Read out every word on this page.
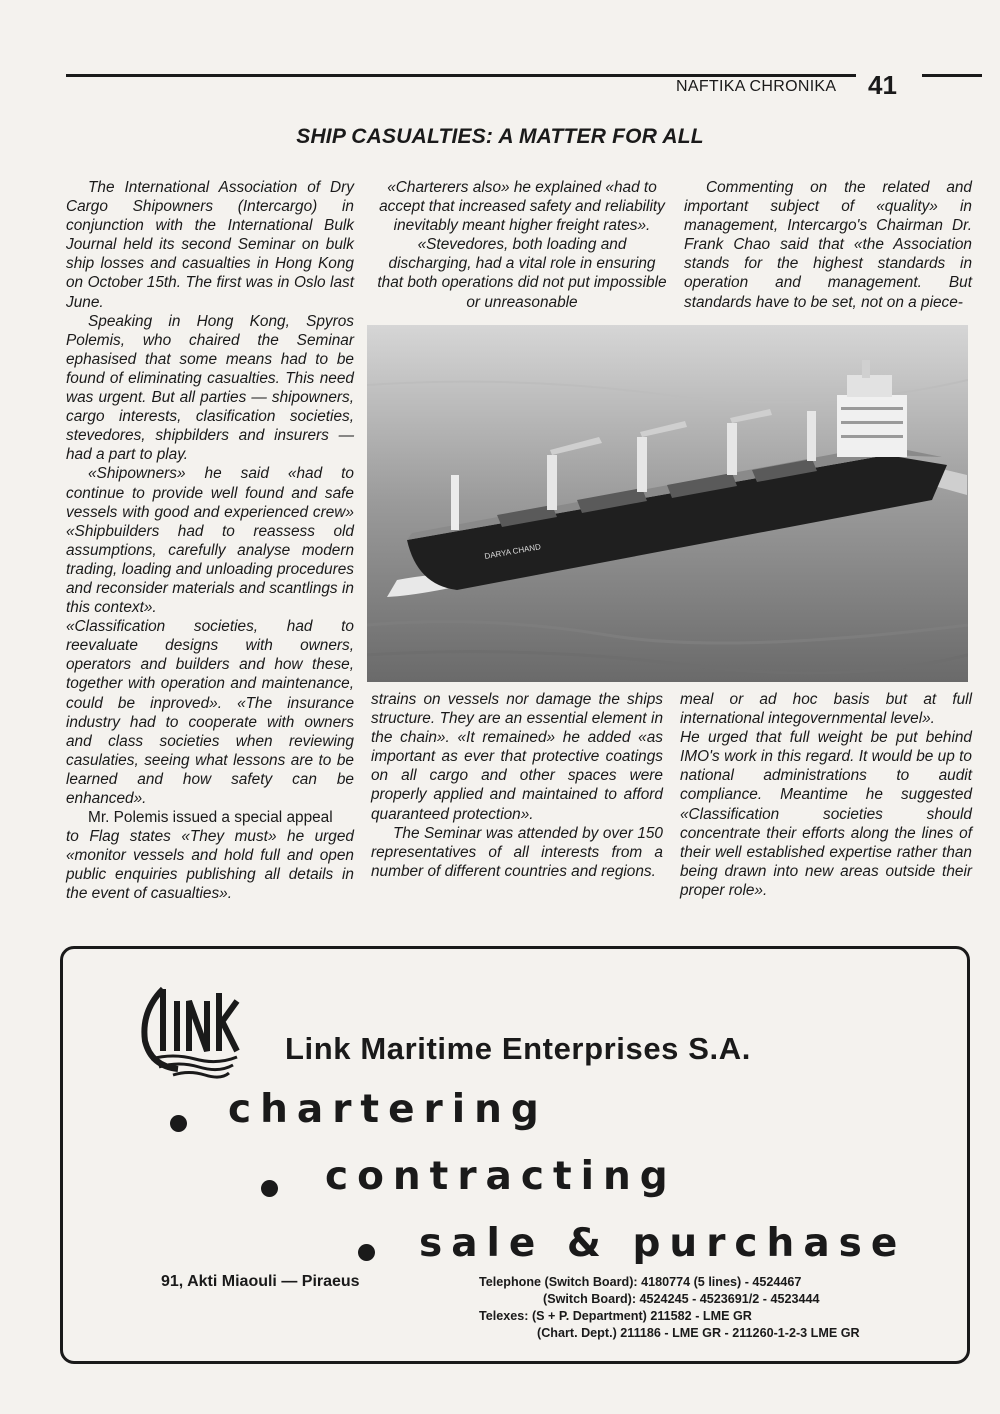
NAFTIKA CHRONIKA 41
SHIP CASUALTIES: A MATTER FOR ALL

The International Association of Dry Cargo Shipowners (Intercargo) in conjunction with the International Bulk Journal held its second Seminar on bulk ship losses and casualties in Hong Kong on October 15th. The first was in Oslo last June.

Speaking in Hong Kong, Spyros Polemis, who chaired the Seminar ephasised that some means had to be found of eliminating casualties. This need was urgent. But all parties — shipowners, cargo interests, clasification societies, stevedores, shipbilders and insurers — had a part to play.

«Shipowners» he said «had to continue to provide well found and safe vessels with good and experienced crew» «Shipbuilders had to reassess old assumptions, carefully analyse modern trading, loading and unloading procedures and reconsider materials and scantlings in this context».

«Classification societies, had to reevaluate designs with owners, operators and builders and how these, together with operation and maintenance, could be inproved». «The insurance industry had to cooperate with owners and class societies when reviewing casulaties, seeing what lessons are to be learned and how safety can be enhanced».

Mr. Polemis issued a special appeal

to Flag states «They must» he urged «monitor vessels and hold full and open public enquiries publishing all details in the event of casualties».

«Charterers also» he explained «had to accept that increased safety and reliability inevitably meant higher freight rates». «Stevedores, both loading and discharging, had a vital role in ensuring that both operations did not put impossible or unreasonable

Commenting on the related and important subject of «quality» in management, Intercargo's Chairman Dr. Frank Chao said that «the Association stands for the highest standards in operation and management. But standards have to be set, not on a piece-

DARYA CHAND

strains on vessels nor damage the ships structure. They are an essential element in the chain». «It remained» he added «as important as ever that protective coatings on all cargo and other spaces were properly applied and maintained to afford quaranteed protection».

The Seminar was attended by over 150 representatives of all interests from a number of different countries and regions.

meal or ad hoc basis but at full international integovernmental level».

He urged that full weight be put behind IMO's work in this regard. It would be up to national administrations to audit compliance. Meantime he suggested «Classification societies should concentrate their efforts along the lines of their well established expertise rather than being drawn into new areas outside their proper role».

Link Maritime Enterprises S.A.
chartering
contracting
sale & purchase
91, Akti Miaouli — Piraeus	Telephone (Switch Board): 4180774 (5 lines) - 4524467
(Switch Board): 4524245 - 4523691/2 - 4523444
Telexes: (S + P. Department) 211582 - LME GR
(Chart. Dept.) 211186 - LME GR - 211260-1-2-3 LME GR
